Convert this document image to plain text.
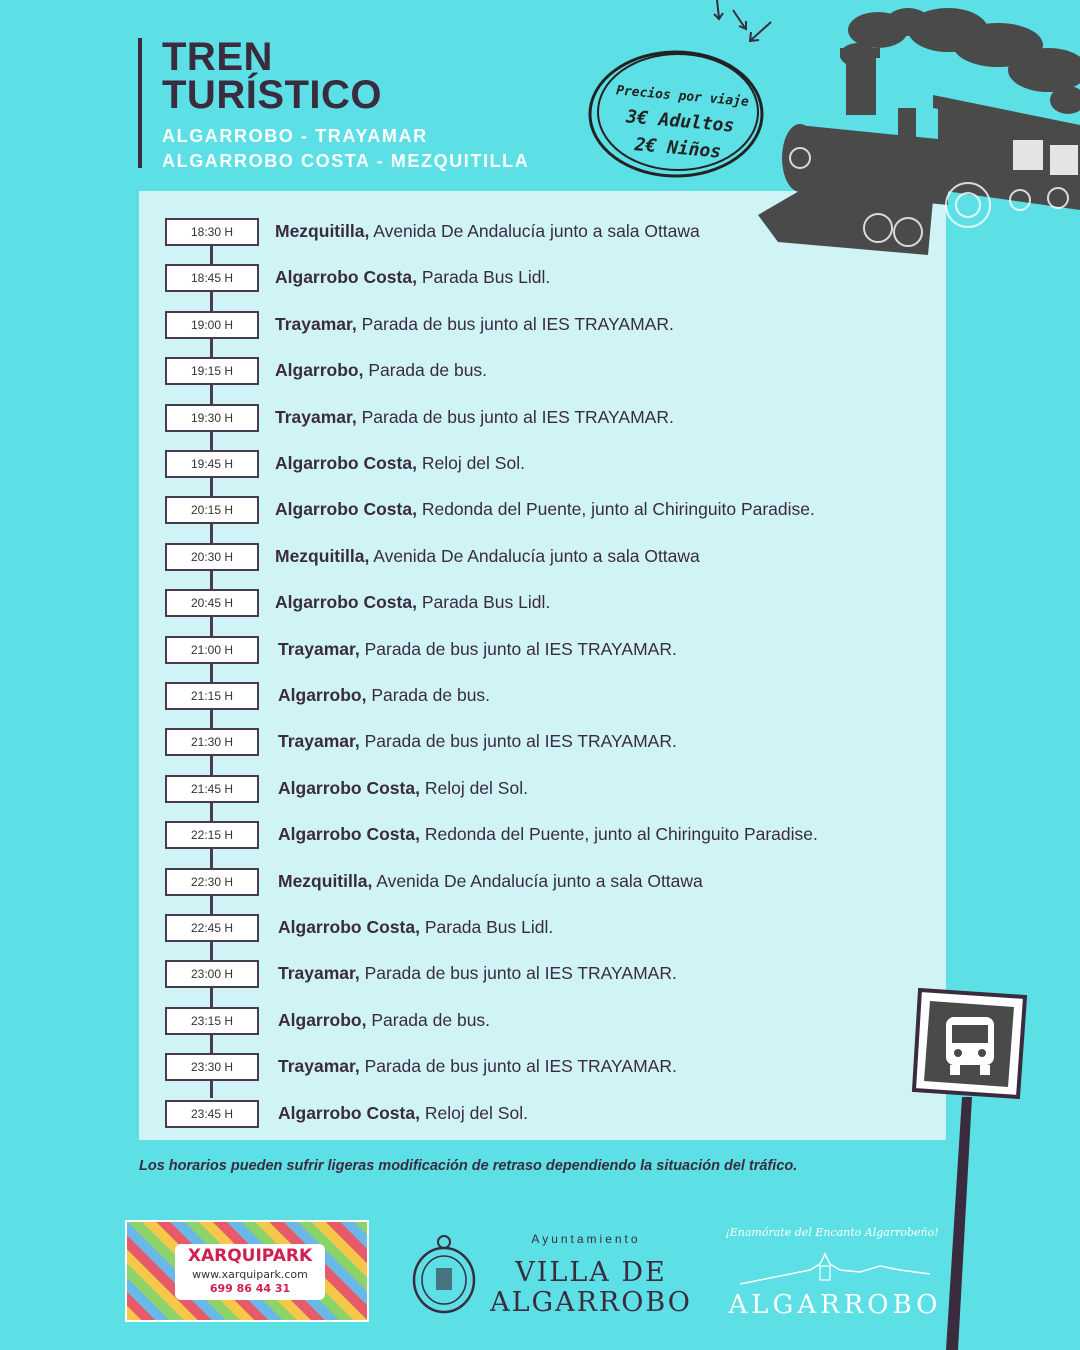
TREN
TURÍSTICO
ALGARROBO - TRAYAMAR
ALGARROBO COSTA - MEZQUITILLA
Precios por viaje
3€ Adultos
2€ Niños
18:30 H	Mezquitilla, Avenida De Andalucía junto a sala Ottawa
18:45 H	Algarrobo Costa, Parada Bus Lidl.
19:00 H	Trayamar, Parada de bus junto al IES TRAYAMAR.
19:15 H	Algarrobo, Parada de bus.
19:30 H	Trayamar, Parada de bus junto al IES TRAYAMAR.
19:45 H	Algarrobo Costa, Reloj del Sol.
20:15 H	Algarrobo Costa, Redonda del Puente, junto al Chiringuito Paradise.
20:30 H	Mezquitilla, Avenida De Andalucía junto a sala Ottawa
20:45 H	Algarrobo Costa, Parada Bus Lidl.
21:00 H	Trayamar, Parada de bus junto al IES TRAYAMAR.
21:15 H	Algarrobo, Parada de bus.
21:30 H	Trayamar, Parada de bus junto al IES TRAYAMAR.
21:45 H	Algarrobo Costa, Reloj del Sol.
22:15 H	Algarrobo Costa, Redonda del Puente, junto al Chiringuito Paradise.
22:30 H	Mezquitilla, Avenida De Andalucía junto a sala Ottawa
22:45 H	Algarrobo Costa, Parada Bus Lidl.
23:00 H	Trayamar, Parada de bus junto al IES TRAYAMAR.
23:15 H	Algarrobo, Parada de bus.
23:30 H	Trayamar, Parada de bus junto al IES TRAYAMAR.
23:45 H	Algarrobo Costa, Reloj del Sol.
Los horarios pueden sufrir ligeras modificación de retraso dependiendo la situación del tráfico.
XARQUIPARK
www.xarquipark.com
699 86 44 31
Ayuntamiento
VILLA DE
ALGARROBO
¡Enamórate del Encanto Algarrobeño!
ALGARROBO
